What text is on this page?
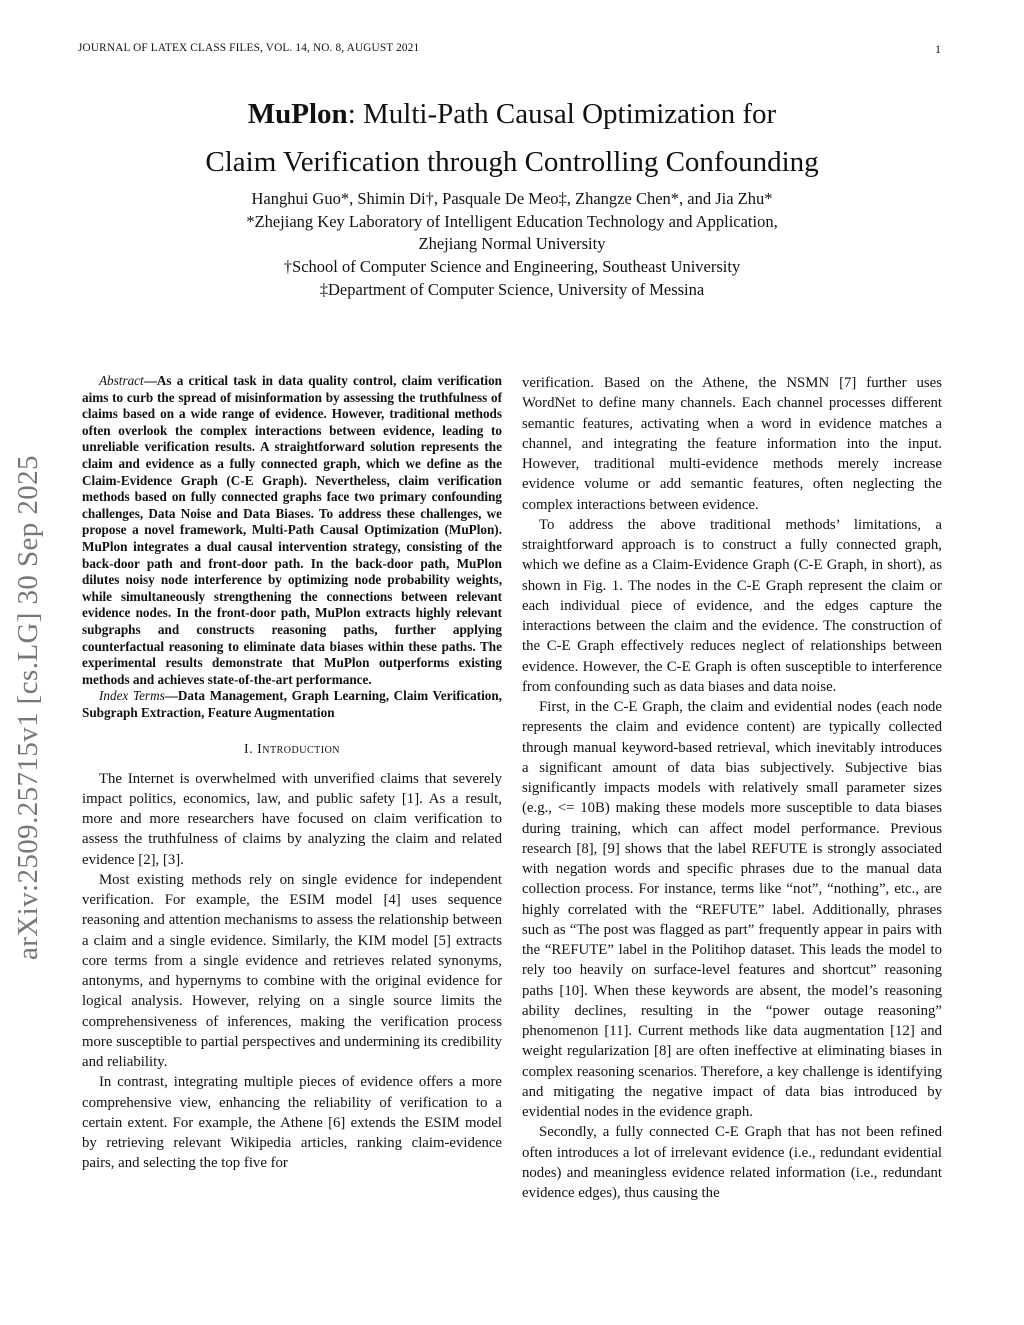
JOURNAL OF LATEX CLASS FILES, VOL. 14, NO. 8, AUGUST 2021	1
arXiv:2509.25715v1 [cs.LG] 30 Sep 2025
MuPlon: Multi-Path Causal Optimization for
Claim Verification through Controlling Confounding
Hanghui Guo*, Shimin Di†, Pasquale De Meo‡, Zhangze Chen*, and Jia Zhu*
*Zhejiang Key Laboratory of Intelligent Education Technology and Application,
Zhejiang Normal University
†School of Computer Science and Engineering, Southeast University
‡Department of Computer Science, University of Messina

Abstract—As a critical task in data quality control, claim verification aims to curb the spread of misinformation by assessing the truthfulness of claims based on a wide range of evidence. However, traditional methods often overlook the complex interactions between evidence, leading to unreliable verification results. A straightforward solution represents the claim and evidence as a fully connected graph, which we define as the Claim-Evidence Graph (C-E Graph). Nevertheless, claim verification methods based on fully connected graphs face two primary confounding challenges, Data Noise and Data Biases. To address these challenges, we propose a novel framework, Multi-Path Causal Optimization (MuPlon). MuPlon integrates a dual causal intervention strategy, consisting of the back-door path and front-door path. In the back-door path, MuPlon dilutes noisy node interference by optimizing node probability weights, while simultaneously strengthening the connections between relevant evidence nodes. In the front-door path, MuPlon extracts highly relevant subgraphs and constructs reasoning paths, further applying counterfactual reasoning to eliminate data biases within these paths. The experimental results demonstrate that MuPlon outperforms existing methods and achieves state-of-the-art performance.

Index Terms—Data Management, Graph Learning, Claim Verification, Subgraph Extraction, Feature Augmentation

I. Introduction

The Internet is overwhelmed with unverified claims that severely impact politics, economics, law, and public safety [1]. As a result, more and more researchers have focused on claim verification to assess the truthfulness of claims by analyzing the claim and related evidence [2], [3].

Most existing methods rely on single evidence for independent verification. For example, the ESIM model [4] uses sequence reasoning and attention mechanisms to assess the relationship between a claim and a single evidence. Similarly, the KIM model [5] extracts core terms from a single evidence and retrieves related synonyms, antonyms, and hypernyms to combine with the original evidence for logical analysis. However, relying on a single source limits the comprehensiveness of inferences, making the verification process more susceptible to partial perspectives and undermining its credibility and reliability.

In contrast, integrating multiple pieces of evidence offers a more comprehensive view, enhancing the reliability of verification to a certain extent. For example, the Athene [6] extends the ESIM model by retrieving relevant Wikipedia articles, ranking claim-evidence pairs, and selecting the top five for

verification. Based on the Athene, the NSMN [7] further uses WordNet to define many channels. Each channel processes different semantic features, activating when a word in evidence matches a channel, and integrating the feature information into the input. However, traditional multi-evidence methods merely increase evidence volume or add semantic features, often neglecting the complex interactions between evidence.

To address the above traditional methods’ limitations, a straightforward approach is to construct a fully connected graph, which we define as a Claim-Evidence Graph (C-E Graph, in short), as shown in Fig. 1. The nodes in the C-E Graph represent the claim or each individual piece of evidence, and the edges capture the interactions between the claim and the evidence. The construction of the C-E Graph effectively reduces neglect of relationships between evidence. However, the C-E Graph is often susceptible to interference from confounding such as data biases and data noise.

First, in the C-E Graph, the claim and evidential nodes (each node represents the claim and evidence content) are typically collected through manual keyword-based retrieval, which inevitably introduces a significant amount of data bias subjectively. Subjective bias significantly impacts models with relatively small parameter sizes (e.g., <= 10B) making these models more susceptible to data biases during training, which can affect model performance. Previous research [8], [9] shows that the label REFUTE is strongly associated with negation words and specific phrases due to the manual data collection process. For instance, terms like “not”, “nothing”, etc., are highly correlated with the “REFUTE” label. Additionally, phrases such as “The post was flagged as part” frequently appear in pairs with the “REFUTE” label in the Politihop dataset. This leads the model to rely too heavily on surface-level features and shortcut” reasoning paths [10]. When these keywords are absent, the model’s reasoning ability declines, resulting in the “power outage reasoning” phenomenon [11]. Current methods like data augmentation [12] and weight regularization [8] are often ineffective at eliminating biases in complex reasoning scenarios. Therefore, a key challenge is identifying and mitigating the negative impact of data bias introduced by evidential nodes in the evidence graph.

Secondly, a fully connected C-E Graph that has not been refined often introduces a lot of irrelevant evidence (i.e., redundant evidential nodes) and meaningless evidence related information (i.e., redundant evidence edges), thus causing the
